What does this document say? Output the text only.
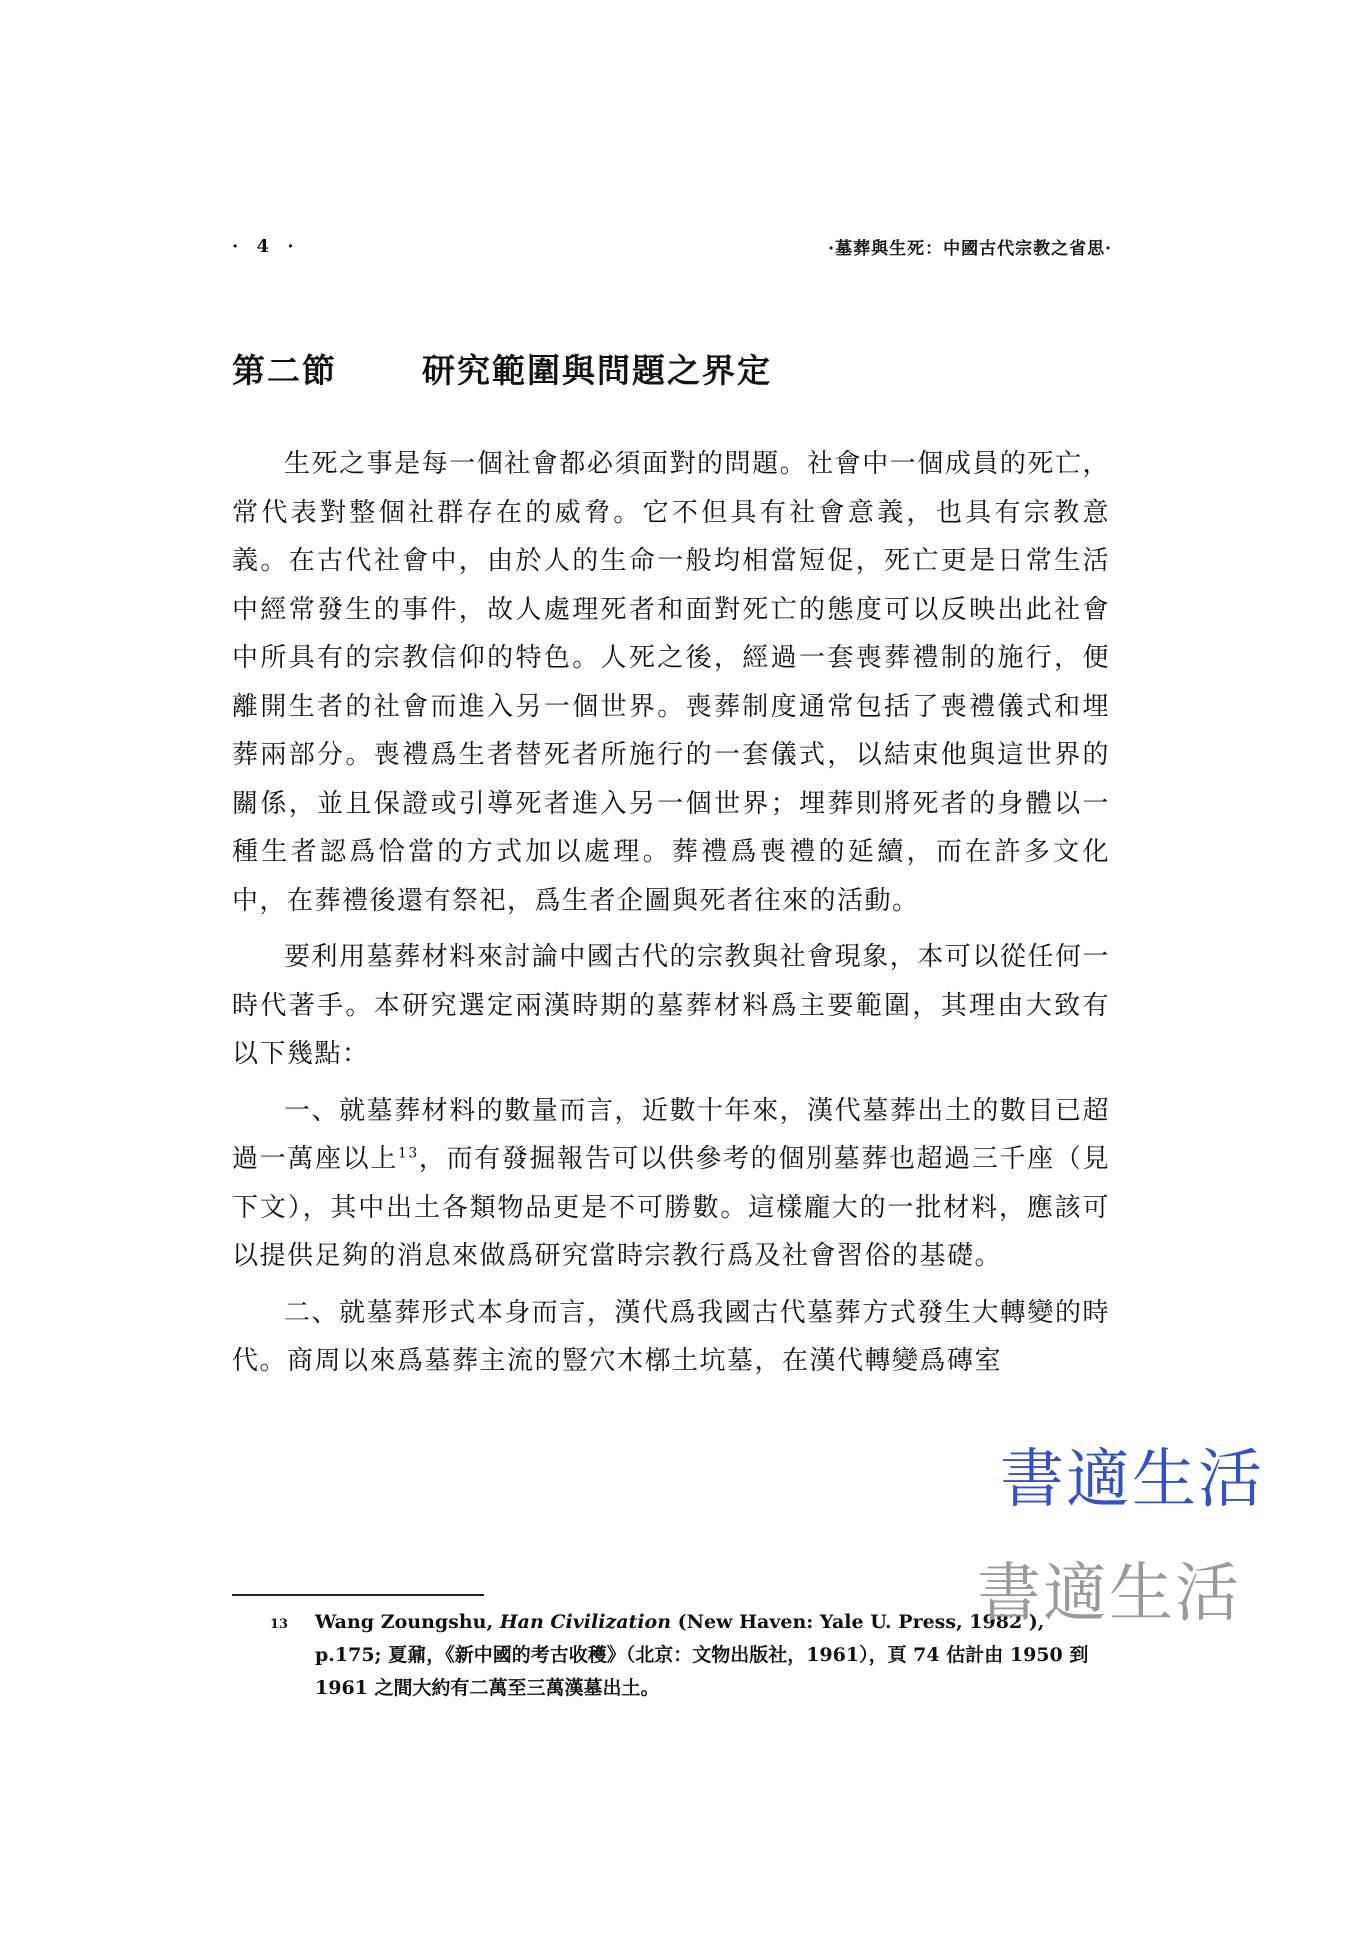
· 4 ·	·墓葬與生死：中國古代宗教之省思·
第二節	研究範圍與問題之界定

生死之事是每一個社會都必須面對的問題。社會中一個成員的死亡，常代表對整個社群存在的威脅。它不但具有社會意義，也具有宗教意義。在古代社會中，由於人的生命一般均相當短促，死亡更是日常生活中經常發生的事件，故人處理死者和面對死亡的態度可以反映出此社會中所具有的宗教信仰的特色。人死之後，經過一套喪葬禮制的施行，便離開生者的社會而進入另一個世界。喪葬制度通常包括了喪禮儀式和埋葬兩部分。喪禮爲生者替死者所施行的一套儀式，以結束他與這世界的關係，並且保證或引導死者進入另一個世界；埋葬則將死者的身體以一種生者認爲恰當的方式加以處理。葬禮爲喪禮的延續，而在許多文化中，在葬禮後還有祭祀，爲生者企圖與死者往來的活動。

要利用墓葬材料來討論中國古代的宗教與社會現象，本可以從任何一時代著手。本研究選定兩漢時期的墓葬材料爲主要範圍，其理由大致有以下幾點：

一、就墓葬材料的數量而言，近數十年來，漢代墓葬出土的數目已超過一萬座以上$^{13}$，而有發掘報告可以供參考的個別墓葬也超過三千座（見下文），其中出土各類物品更是不可勝數。這樣龐大的一批材料，應該可以提供足夠的消息來做爲研究當時宗教行爲及社會習俗的基礎。

二、就墓葬形式本身而言，漢代爲我國古代墓葬方式發生大轉變的時代。商周以來爲墓葬主流的豎穴木槨土坑墓，在漢代轉變爲磚室

13	Wang Zoungshu, Han Civilization (New Haven: Yale U. Press, 1982 ), p.175; 夏鼐，《新中國的考古收穫》（北京：文物出版社，1961），頁 74 估計由 1950 到 1961 之間大約有二萬至三萬漢墓出土。
書適生活
書適生活
